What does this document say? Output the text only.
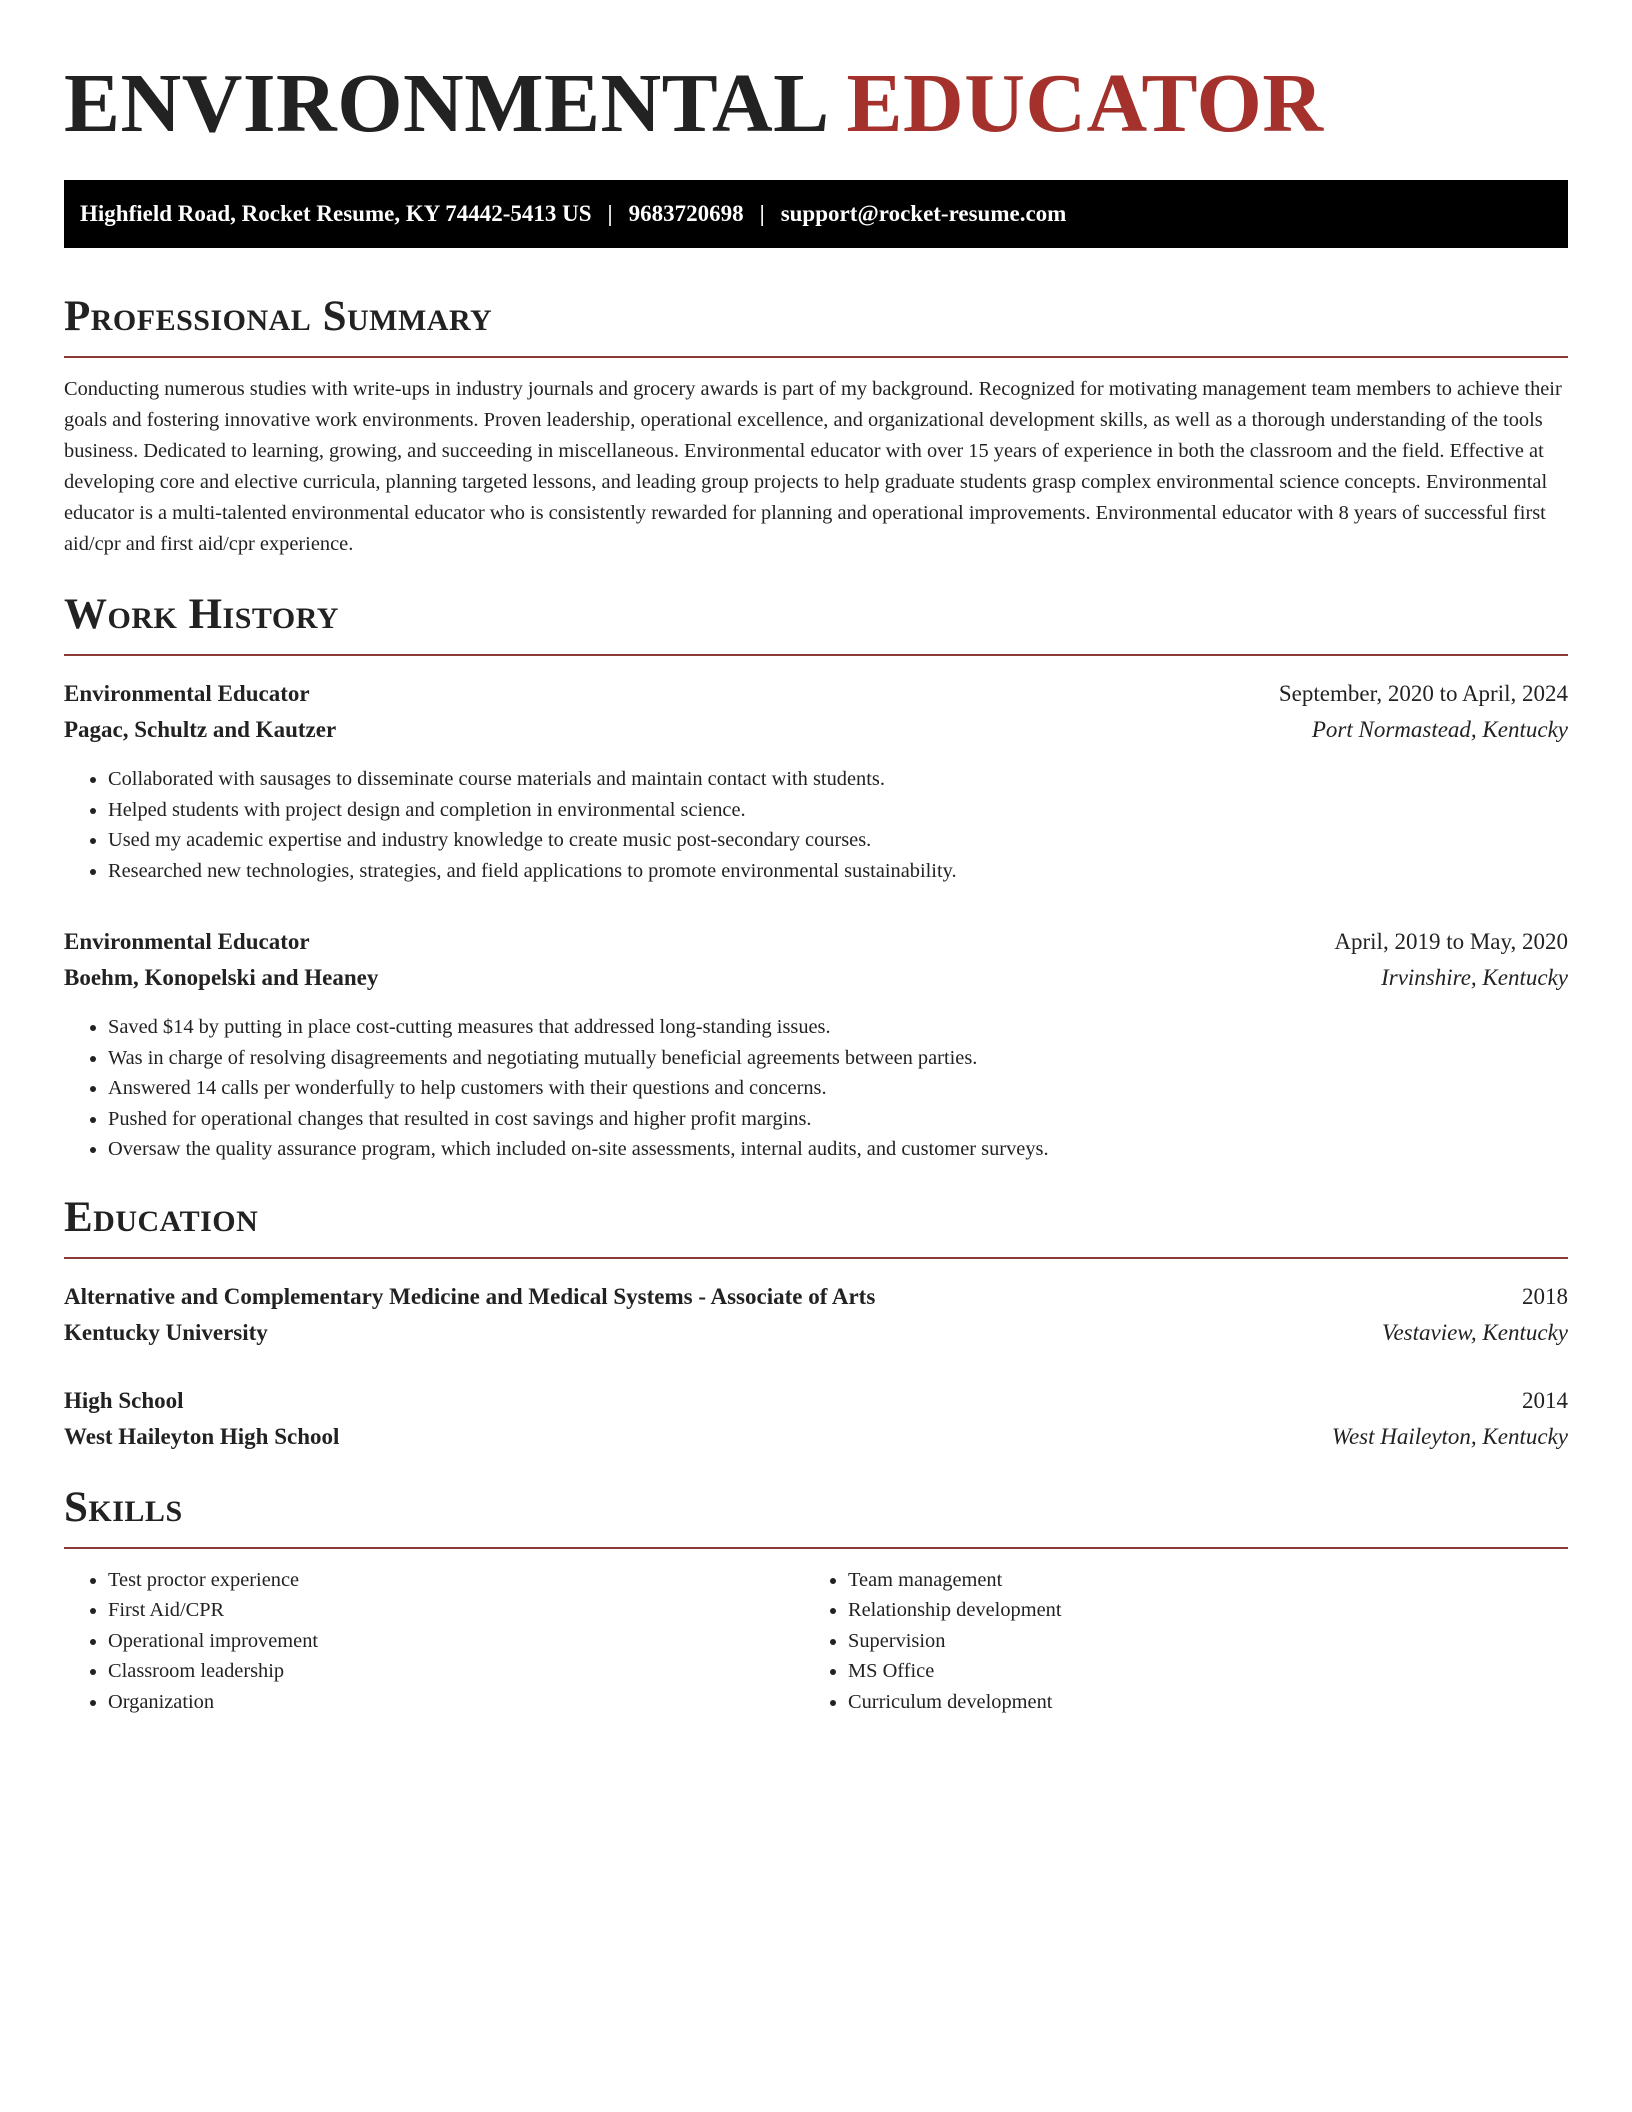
ENVIRONMENTAL EDUCATOR
Highfield Road, Rocket Resume, KY 74442-5413 US | 9683720698 | support@rocket-resume.com
Professional Summary

Conducting numerous studies with write-ups in industry journals and grocery awards is part of my background. Recognized for motivating management team members to achieve their goals and fostering innovative work environments. Proven leadership, operational excellence, and organizational development skills, as well as a thorough understanding of the tools business. Dedicated to learning, growing, and succeeding in miscellaneous. Environmental educator with over 15 years of experience in both the classroom and the field. Effective at developing core and elective curricula, planning targeted lessons, and leading group projects to help graduate students grasp complex environmental science concepts. Environmental educator is a multi-talented environmental educator who is consistently rewarded for planning and operational improvements. Environmental educator with 8 years of successful first aid/cpr and first aid/cpr experience.

Work History
Environmental Educator	September, 2020 to April, 2024
Pagac, Schultz and Kautzer	Port Normastead, Kentucky
• Collaborated with sausages to disseminate course materials and maintain contact with students.
• Helped students with project design and completion in environmental science.
• Used my academic expertise and industry knowledge to create music post-secondary courses.
• Researched new technologies, strategies, and field applications to promote environmental sustainability.
Environmental Educator	April, 2019 to May, 2020
Boehm, Konopelski and Heaney	Irvinshire, Kentucky
• Saved $14 by putting in place cost-cutting measures that addressed long-standing issues.
• Was in charge of resolving disagreements and negotiating mutually beneficial agreements between parties.
• Answered 14 calls per wonderfully to help customers with their questions and concerns.
• Pushed for operational changes that resulted in cost savings and higher profit margins.
• Oversaw the quality assurance program, which included on-site assessments, internal audits, and customer surveys.
Education
Alternative and Complementary Medicine and Medical Systems - Associate of Arts	2018
Kentucky University	Vestaview, Kentucky
High School	2014
West Haileyton High School	West Haileyton, Kentucky
Skills
• Test proctor experience
• First Aid/CPR
• Operational improvement
• Classroom leadership
• Organization
• Team management
• Relationship development
• Supervision
• MS Office
• Curriculum development
